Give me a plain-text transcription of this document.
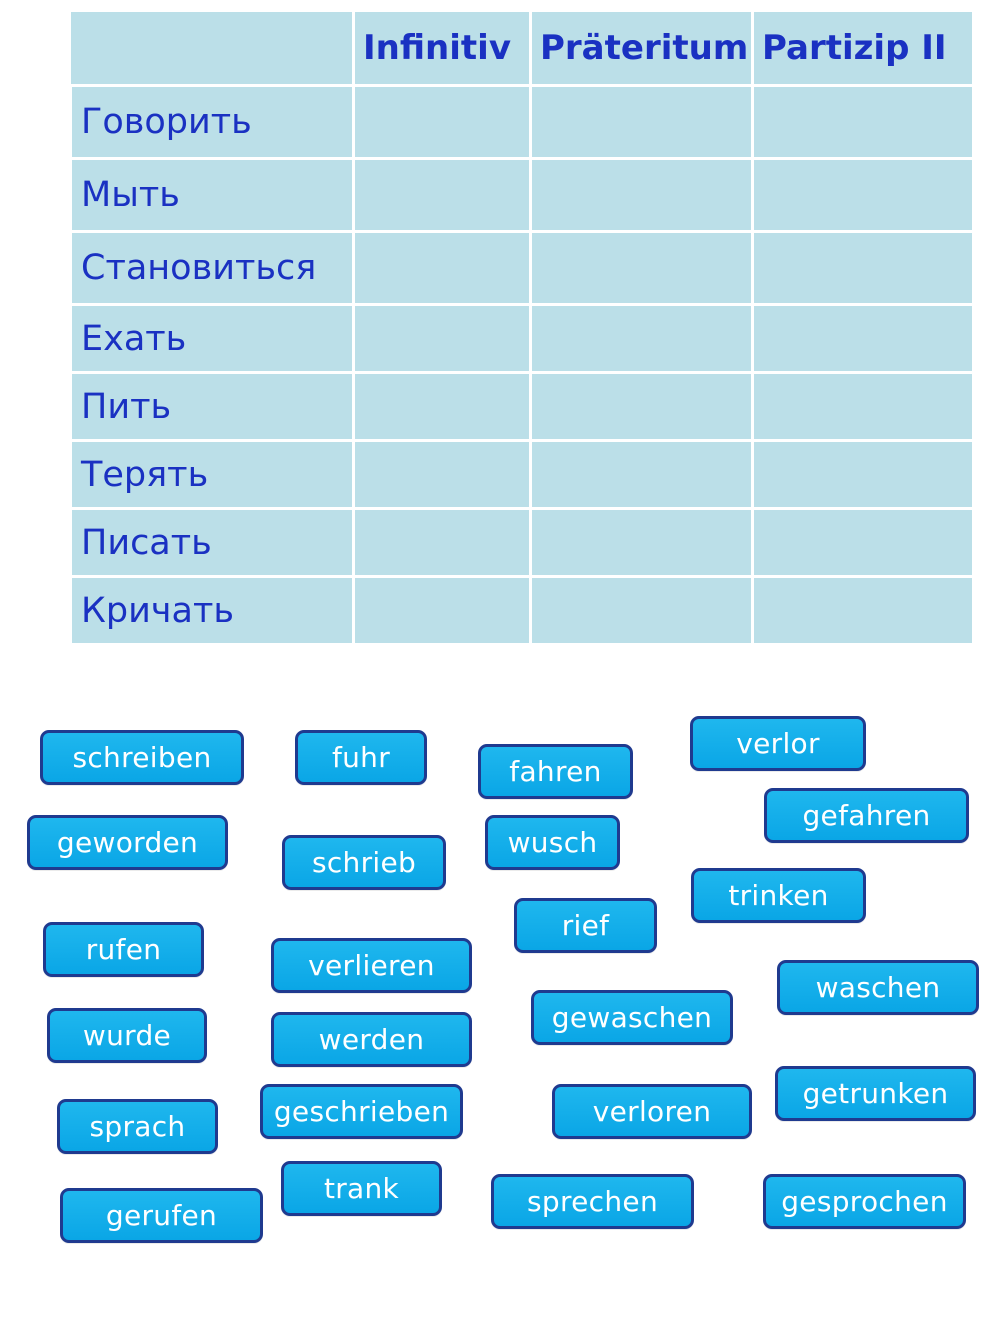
	Infinitiv	Präteritum	Partizip II
Говорить			
Мыть			
Становиться			
Ехать			
Пить			
Терять			
Писать			
Кричать			
schreiben	fuhr	fahren
verlor
gefahren
geworden
schrieb
wusch
trinken
rufen	verlieren
rief
waschen
wurde	werden
gewaschen
sprach	geschrieben	verloren
getrunken
gerufen
trank	sprechen	gesprochen
